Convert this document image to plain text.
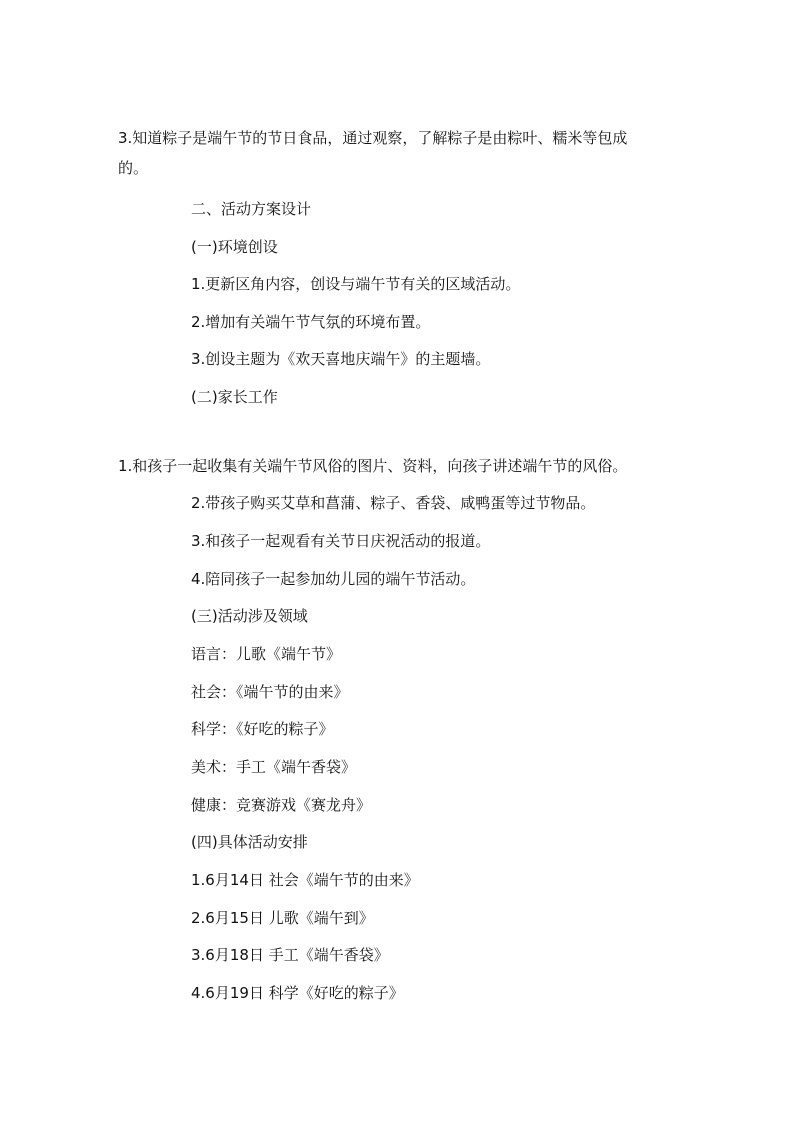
3.知道粽子是端午节的节日食品，通过观察，了解粽子是由粽叶、糯米等包成
的。
二、活动方案设计
(一)环境创设
1.更新区角内容，创设与端午节有关的区域活动。
2.增加有关端午节气氛的环境布置。
3.创设主题为《欢天喜地庆端午》的主题墙。
(二)家长工作
1.和孩子一起收集有关端午节风俗的图片、资料，向孩子讲述端午节的风俗。
2.带孩子购买艾草和菖蒲、粽子、香袋、咸鸭蛋等过节物品。
3.和孩子一起观看有关节日庆祝活动的报道。
4.陪同孩子一起参加幼儿园的端午节活动。
(三)活动涉及领域
语言：儿歌《端午节》
社会：《端午节的由来》
科学：《好吃的粽子》
美术：手工《端午香袋》
健康：竞赛游戏《赛龙舟》
(四)具体活动安排
1.6月14日 社会《端午节的由来》
2.6月15日 儿歌《端午到》
3.6月18日 手工《端午香袋》
4.6月19日 科学《好吃的粽子》
